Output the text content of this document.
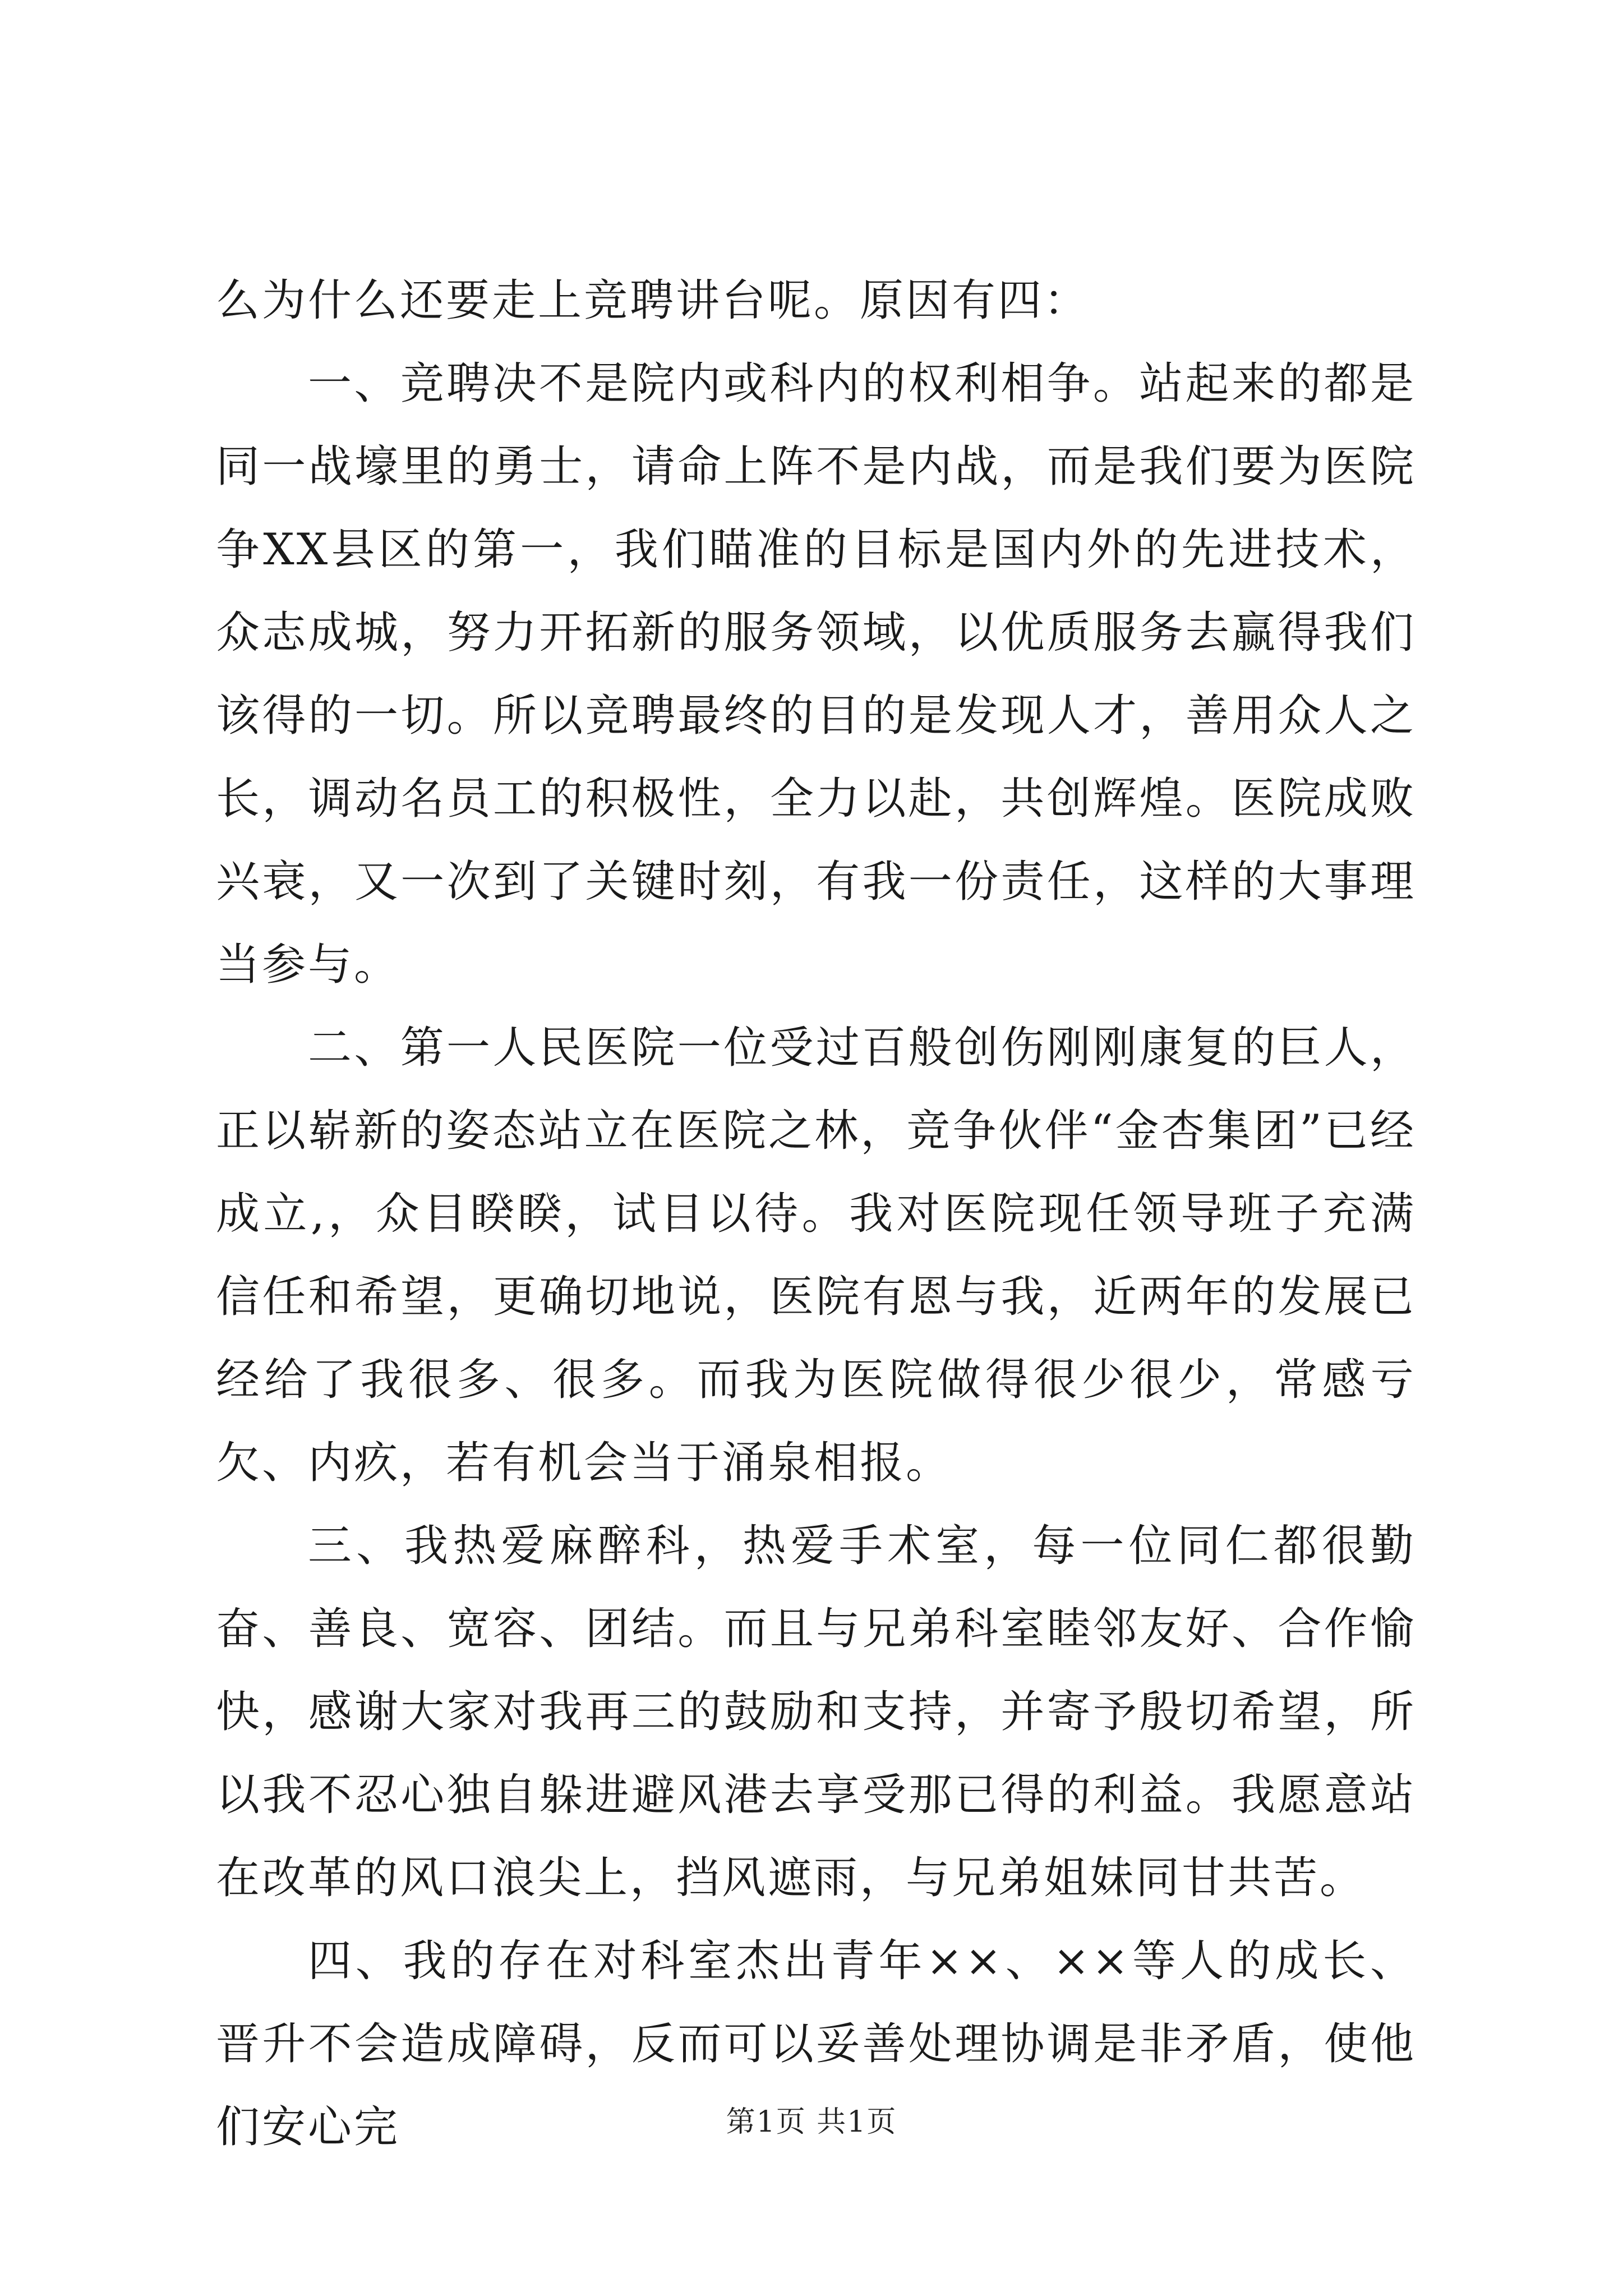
么为什么还要走上竞聘讲台呢。原因有四：

一、竞聘决不是院内或科内的权利相争。站起来的都是同一战壕里的勇士，请命上阵不是内战，而是我们要为医院争XX县区的第一，我们瞄准的目标是国内外的先进技术，众志成城，努力开拓新的服务领域，以优质服务去赢得我们该得的一切。所以竞聘最终的目的是发现人才，善用众人之长，调动名员工的积极性，全力以赴，共创辉煌。医院成败兴衰，又一次到了关键时刻，有我一份责任，这样的大事理当参与。

二、第一人民医院一位受过百般创伤刚刚康复的巨人，正以崭新的姿态站立在医院之林，竞争伙伴“金杏集团”已经成立,，众目睽睽，试目以待。我对医院现任领导班子充满信任和希望，更确切地说，医院有恩与我，近两年的发展已经给了我很多、很多。而我为医院做得很少很少，常感亏欠、内疚，若有机会当于涌泉相报。

三、我热爱麻醉科，热爱手术室，每一位同仁都很勤奋、善良、宽容、团结。而且与兄弟科室睦邻友好、合作愉快，感谢大家对我再三的鼓励和支持，并寄予殷切希望，所以我不忍心独自躲进避风港去享受那已得的利益。我愿意站在改革的风口浪尖上，挡风遮雨，与兄弟姐妹同甘共苦。

四、我的存在对科室杰出青年××、××等人的成长、晋升不会造成障碍，反而可以妥善处理协调是非矛盾，使他们安心完	第1页 共1页
